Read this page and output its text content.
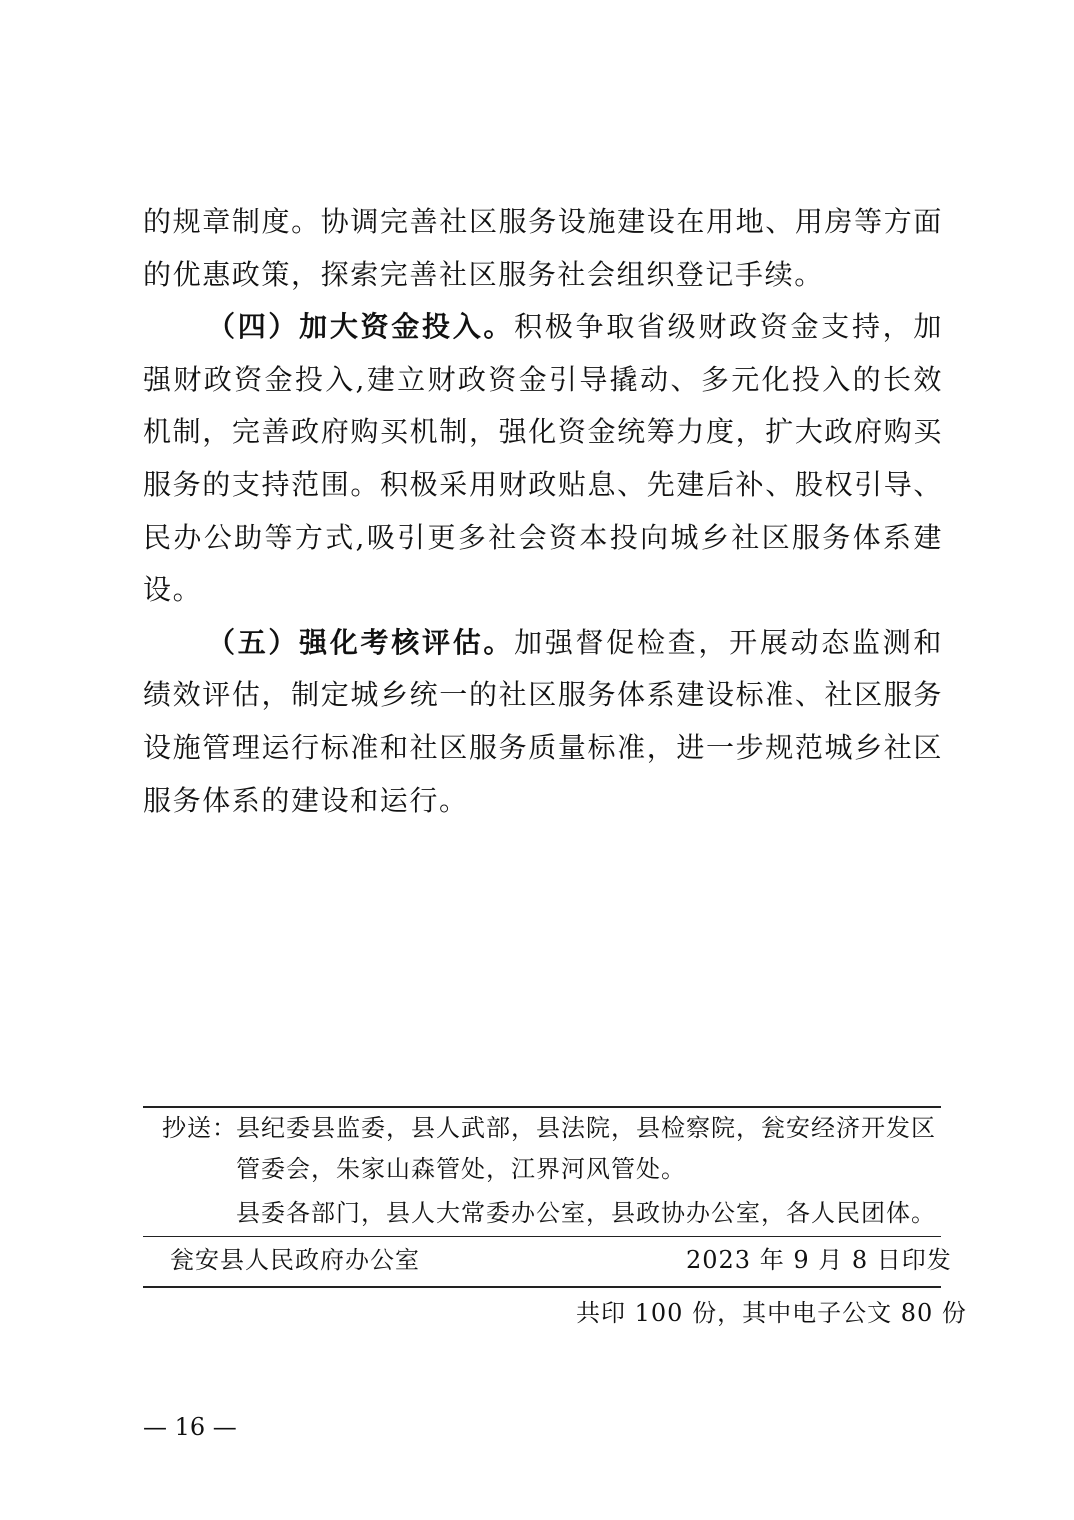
的规章制度。协调完善社区服务设施建设在用地、用房等方面的优惠政策，探索完善社区服务社会组织登记手续。

（四）加大资金投入。积极争取省级财政资金支持，加强财政资金投入,建立财政资金引导撬动、多元化投入的长效机制，完善政府购买机制，强化资金统筹力度，扩大政府购买服务的支持范围。积极采用财政贴息、先建后补、股权引导、民办公助等方式,吸引更多社会资本投向城乡社区服务体系建设。

（五）强化考核评估。加强督促检查，开展动态监测和绩效评估，制定城乡统一的社区服务体系建设标准、社区服务设施管理运行标准和社区服务质量标准，进一步规范城乡社区服务体系的建设和运行。

抄送： 县纪委县监委，县人武部，县法院，县检察院，瓮安经济开发区
管委会，朱家山森管处，江界河风管处。
县委各部门，县人大常委办公室，县政协办公室，各人民团体。
瓮安县人民政府办公室	2023 年 9 月 8 日印发
共印 100 份，其中电子公文 80 份
— 16 —
